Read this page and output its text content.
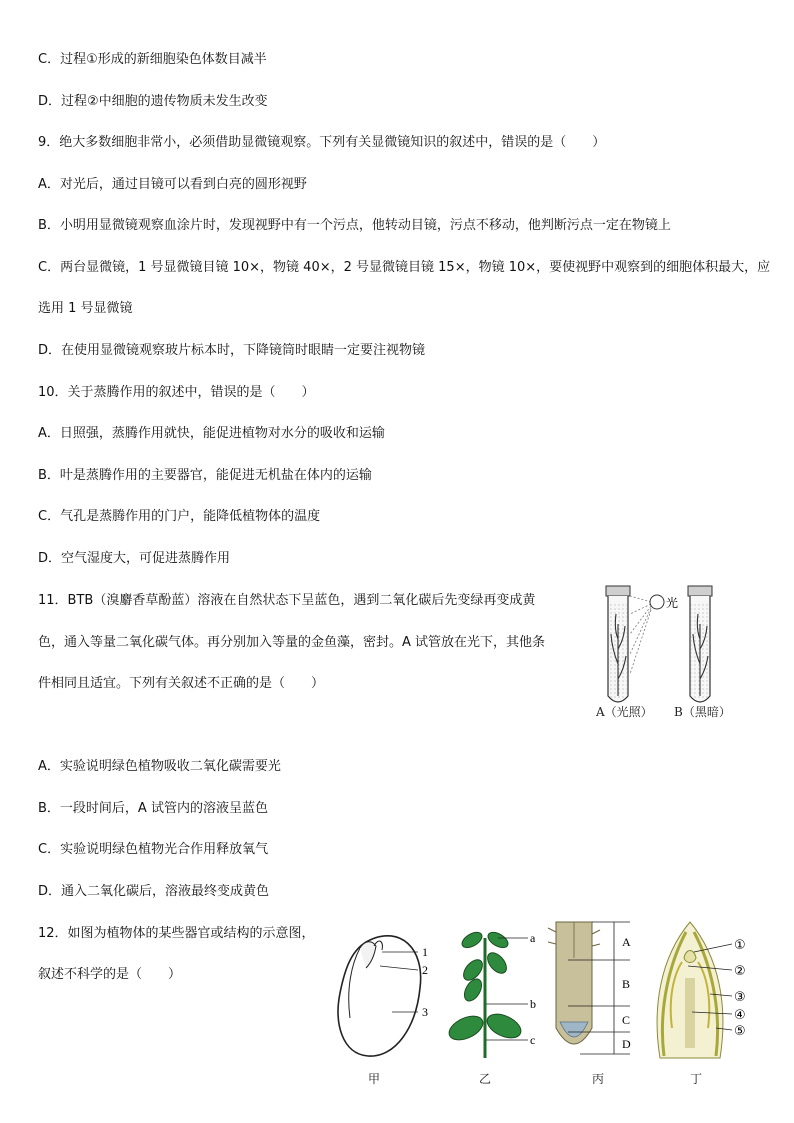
C．过程①形成的新细胞染色体数目减半
D．过程②中细胞的遗传物质未发生改变
9．绝大多数细胞非常小，必须借助显微镜观察。下列有关显微镜知识的叙述中，错误的是（　　）
A．对光后，通过目镜可以看到白亮的圆形视野
B．小明用显微镜观察血涂片时，发现视野中有一个污点，他转动目镜，污点不移动，他判断污点一定在物镜上
C．两台显微镜，1 号显微镜目镜 10×，物镜 40×，2 号显微镜目镜 15×，物镜 10×，要使视野中观察到的细胞体积最大，应
选用 1 号显微镜
D．在使用显微镜观察玻片标本时，下降镜筒时眼睛一定要注视物镜
10．关于蒸腾作用的叙述中，错误的是（　　）
A．日照强，蒸腾作用就快，能促进植物对水分的吸收和运输
B．叶是蒸腾作用的主要器官，能促进无机盐在体内的运输
C．气孔是蒸腾作用的门户，能降低植物体的温度
D．空气湿度大，可促进蒸腾作用
11．BTB（溴麝香草酚蓝）溶液在自然状态下呈蓝色，遇到二氧化碳后先变绿再变成黄
色，通入等量二氧化碳气体。再分别加入等量的金鱼藻，密封。A 试管放在光下，其他条
件相同且适宜。下列有关叙述不正确的是（　　）
A．实验说明绿色植物吸收二氧化碳需要光
B．一段时间后，A 试管内的溶液呈蓝色
C．实验说明绿色植物光合作用释放氧气
D．通入二氧化碳后，溶液最终变成黄色
12．如图为植物体的某些器官或结构的示意图，
叙述不科学的是（　　）
光
A（光照） B（黑暗）
1
2
3
a
b
c
A
B
C
D
①
②
③
④
⑤
甲	乙	丙	丁
